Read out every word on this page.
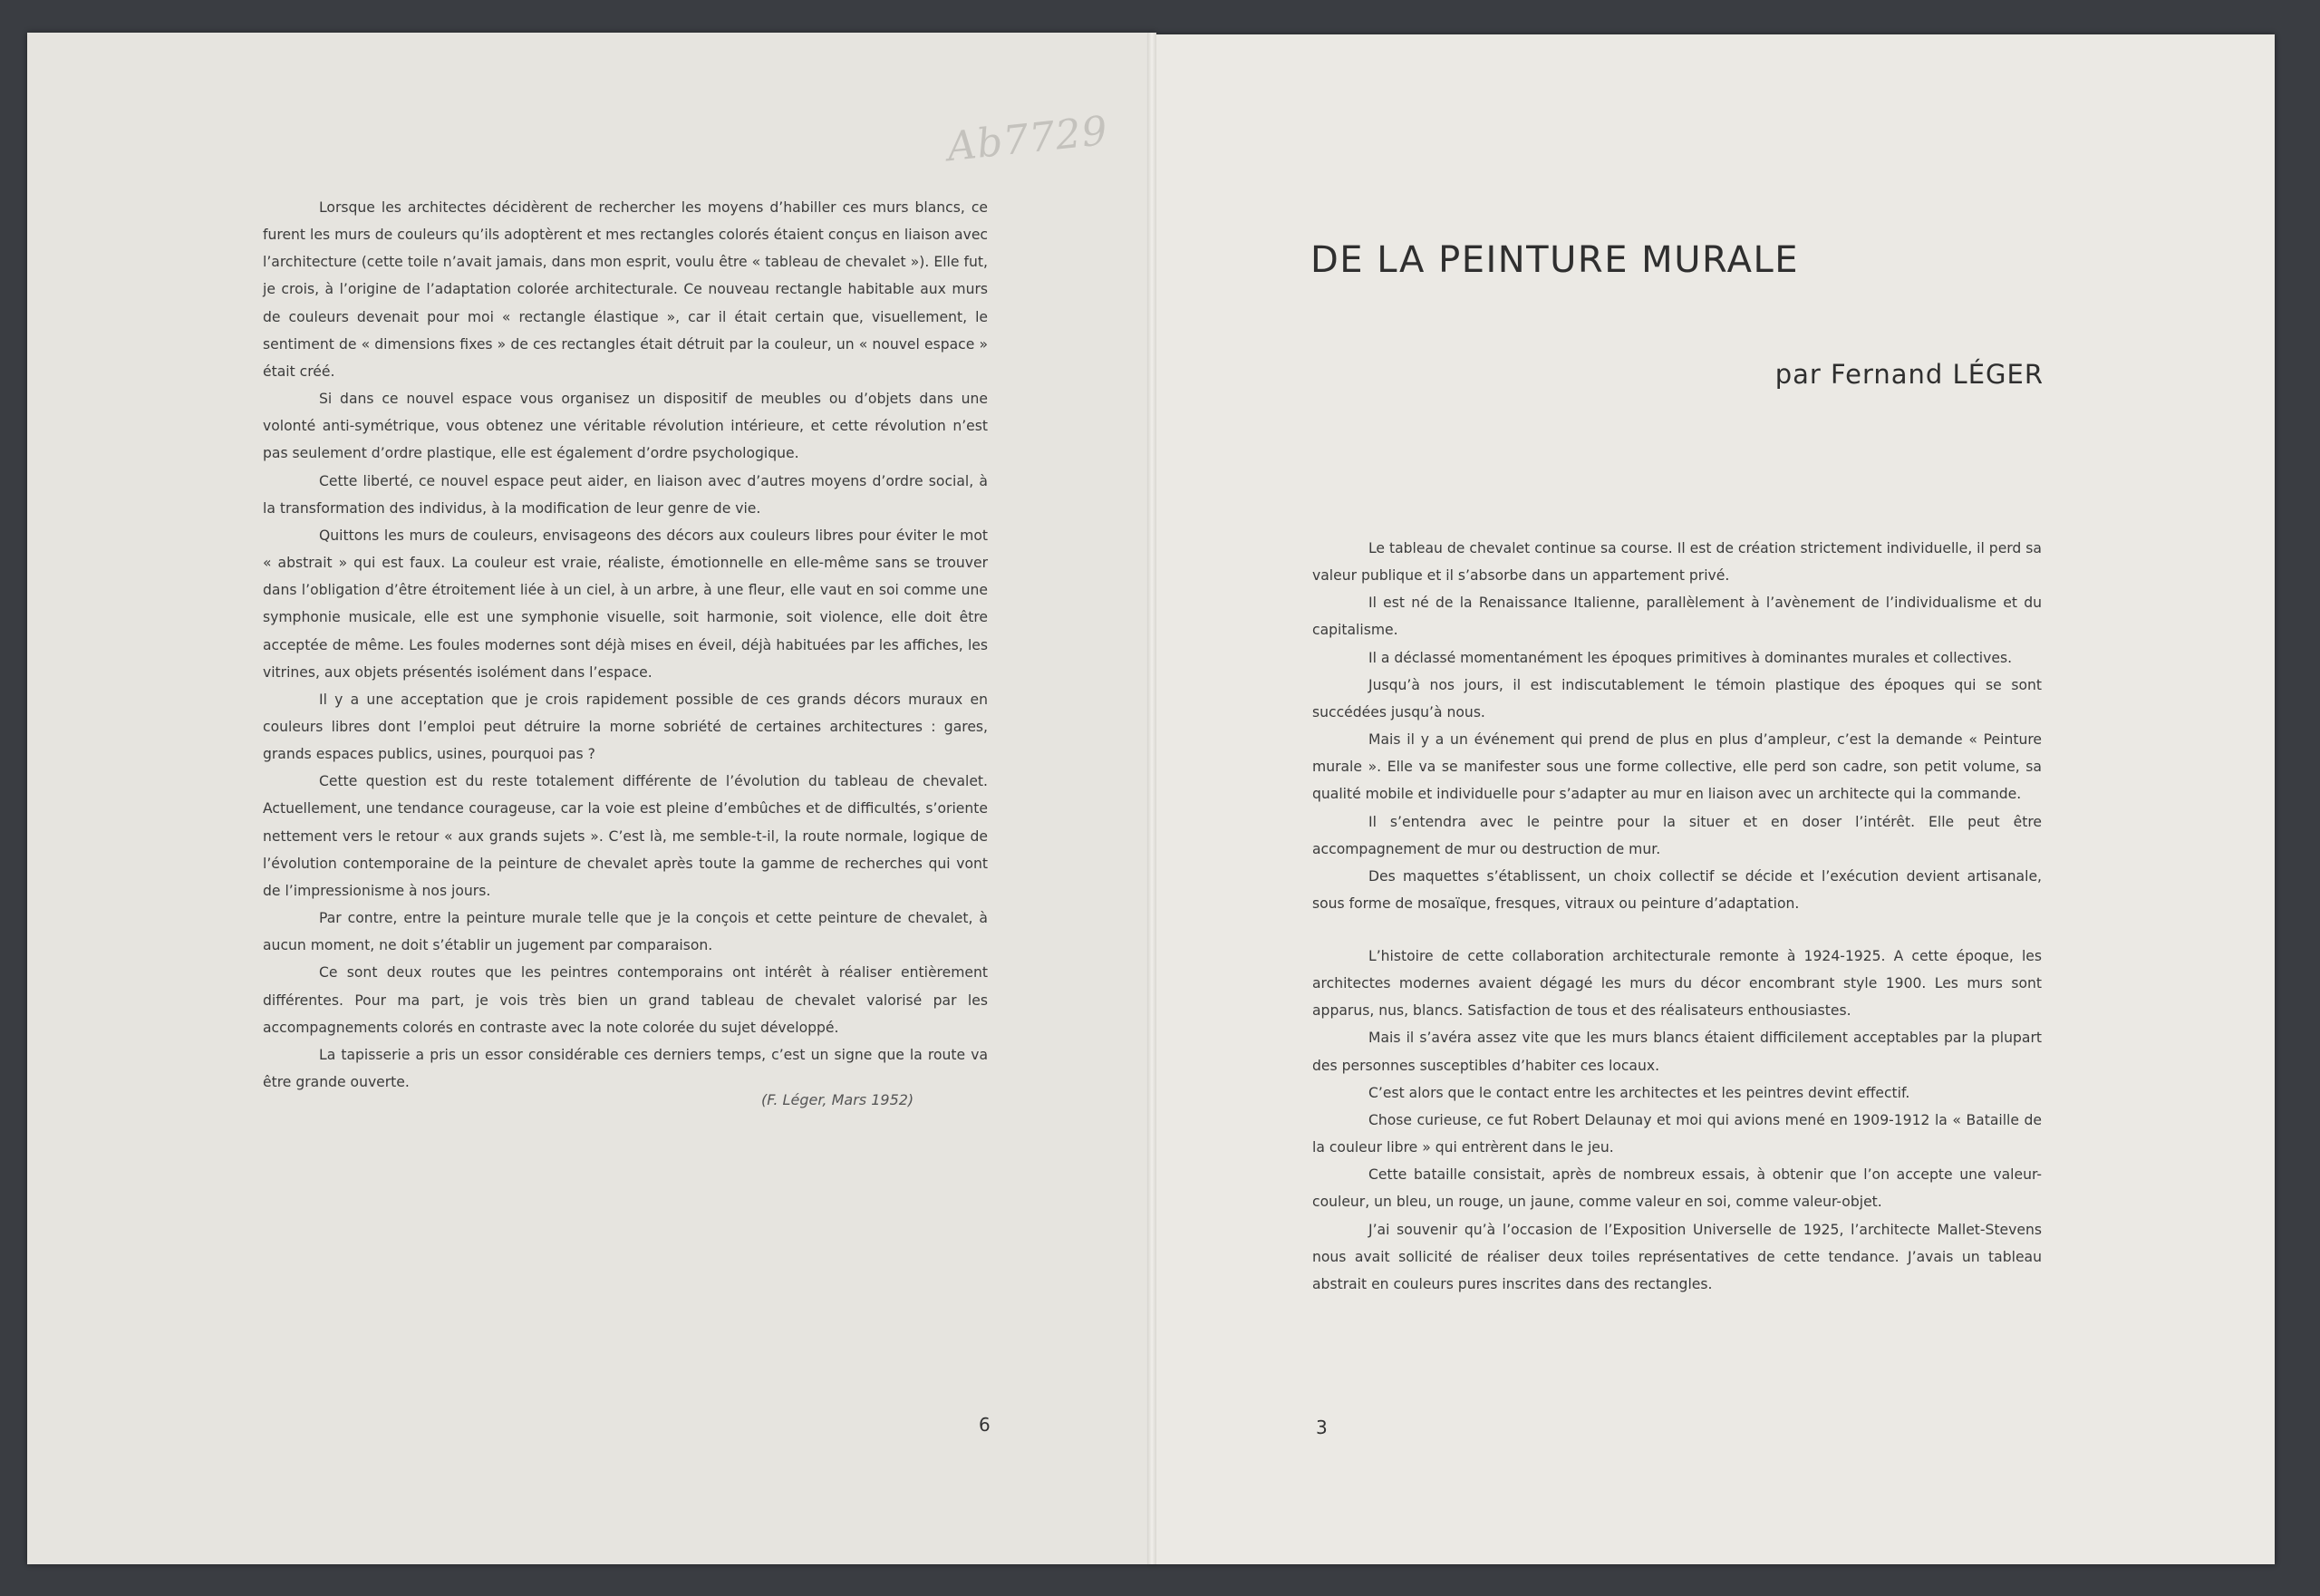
Ab7729

Lorsque les architectes décidèrent de rechercher les moyens d’habiller ces murs blancs, ce furent les murs de couleurs qu’ils adoptèrent et mes rectangles colorés étaient conçus en liaison avec l’architecture (cette toile n’avait jamais, dans mon esprit, voulu être « tableau de chevalet »). Elle fut, je crois, à l’origine de l’adaptation colorée architecturale. Ce nouveau rectangle habitable aux murs de couleurs devenait pour moi « rectangle élastique », car il était certain que, visuellement, le sentiment de « dimensions fixes » de ces rectangles était détruit par la couleur, un « nouvel espace » était créé.

Si dans ce nouvel espace vous organisez un dispositif de meubles ou d’objets dans une volonté anti-symétrique, vous obtenez une véritable révolution intérieure, et cette révolution n’est pas seulement d’ordre plastique, elle est également d’ordre psychologique.

Cette liberté, ce nouvel espace peut aider, en liaison avec d’autres moyens d’ordre social, à la transformation des individus, à la modification de leur genre de vie.

Quittons les murs de couleurs, envisageons des décors aux couleurs libres pour éviter le mot « abstrait » qui est faux. La couleur est vraie, réaliste, émotionnelle en elle-même sans se trouver dans l’obligation d’être étroitement liée à un ciel, à un arbre, à une fleur, elle vaut en soi comme une symphonie musicale, elle est une symphonie visuelle, soit harmonie, soit violence, elle doit être acceptée de même. Les foules modernes sont déjà mises en éveil, déjà habituées par les affiches, les vitrines, aux objets présentés isolément dans l’espace.

Il y a une acceptation que je crois rapidement possible de ces grands décors muraux en couleurs libres dont l’emploi peut détruire la morne sobriété de certaines architectures : gares, grands espaces publics, usines, pourquoi pas ?

Cette question est du reste totalement différente de l’évolution du tableau de chevalet. Actuellement, une tendance courageuse, car la voie est pleine d’embûches et de difficultés, s’oriente nettement vers le retour « aux grands sujets ». C’est là, me semble-t-il, la route normale, logique de l’évolution contemporaine de la peinture de chevalet après toute la gamme de recherches qui vont de l’impressionisme à nos jours.

Par contre, entre la peinture murale telle que je la conçois et cette peinture de chevalet, à aucun moment, ne doit s’établir un jugement par comparaison.

Ce sont deux routes que les peintres contemporains ont intérêt à réaliser entièrement différentes. Pour ma part, je vois très bien un grand tableau de chevalet valorisé par les accompagnements colorés en contraste avec la note colorée du sujet développé.

La tapisserie a pris un essor considérable ces derniers temps, c’est un signe que la route va être grande ouverte.

(F. Léger, Mars 1952)
6
DE LA PEINTURE MURALE
par Fernand LÉGER

Le tableau de chevalet continue sa course. Il est de création strictement individuelle, il perd sa valeur publique et il s’absorbe dans un appartement privé.

Il est né de la Renaissance Italienne, parallèlement à l’avènement de l’individualisme et du capitalisme.

Il a déclassé momentanément les époques primitives à dominantes murales et collectives.

Jusqu’à nos jours, il est indiscutablement le témoin plastique des époques qui se sont succédées jusqu’à nous.

Mais il y a un événement qui prend de plus en plus d’ampleur, c’est la demande « Peinture murale ». Elle va se manifester sous une forme collective, elle perd son cadre, son petit volume, sa qualité mobile et individuelle pour s’adapter au mur en liaison avec un architecte qui la commande.

Il s’entendra avec le peintre pour la situer et en doser l’intérêt. Elle peut être accompagnement de mur ou destruction de mur.

Des maquettes s’établissent, un choix collectif se décide et l’exécution devient artisanale, sous forme de mosaïque, fresques, vitraux ou peinture d’adaptation.

L’histoire de cette collaboration architecturale remonte à 1924-1925. A cette époque, les architectes modernes avaient dégagé les murs du décor encombrant style 1900. Les murs sont apparus, nus, blancs. Satisfaction de tous et des réalisateurs enthousiastes.

Mais il s’avéra assez vite que les murs blancs étaient difficilement acceptables par la plupart des personnes susceptibles d’habiter ces locaux.

C’est alors que le contact entre les architectes et les peintres devint effectif.

Chose curieuse, ce fut Robert Delaunay et moi qui avions mené en 1909-1912 la « Bataille de la couleur libre » qui entrèrent dans le jeu.

Cette bataille consistait, après de nombreux essais, à obtenir que l’on accepte une valeur-couleur, un bleu, un rouge, un jaune, comme valeur en soi, comme valeur-objet.

J’ai souvenir qu’à l’occasion de l’Exposition Universelle de 1925, l’architecte Mallet-Stevens nous avait sollicité de réaliser deux toiles représentatives de cette tendance. J’avais un tableau abstrait en couleurs pures inscrites dans des rectangles.

3
